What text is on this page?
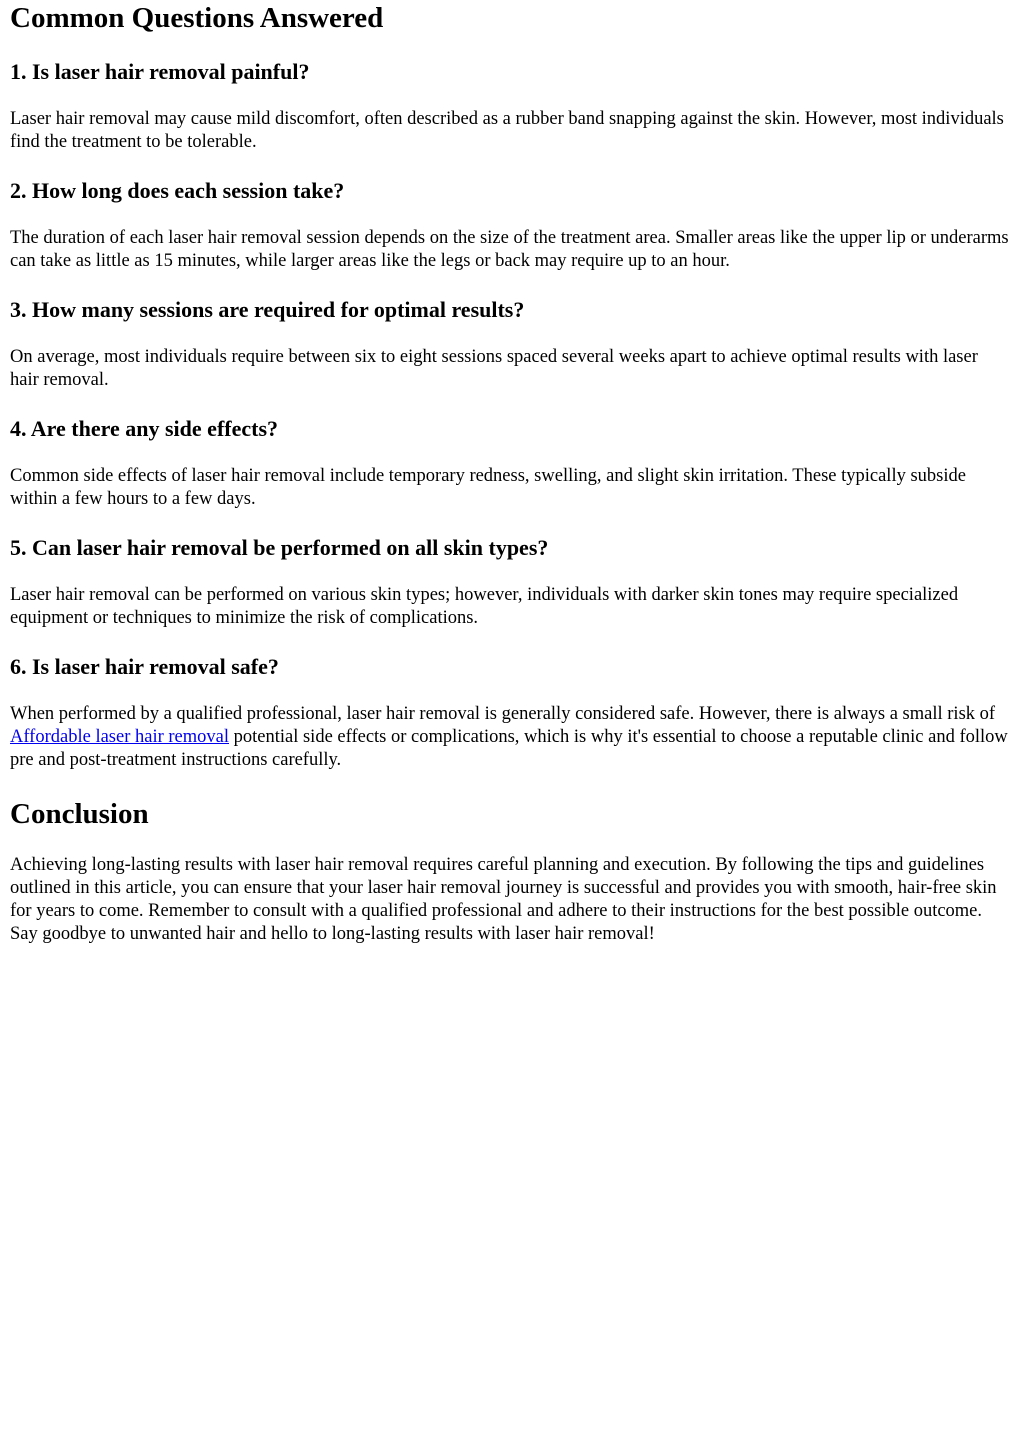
Common Questions Answered
1. Is laser hair removal painful?

Laser hair removal may cause mild discomfort, often described as a rubber band snapping against the skin. However, most individuals find the treatment to be tolerable.

2. How long does each session take?

The duration of each laser hair removal session depends on the size of the treatment area. Smaller areas like the upper lip or underarms can take as little as 15 minutes, while larger areas like the legs or back may require up to an hour.

3. How many sessions are required for optimal results?

On average, most individuals require between six to eight sessions spaced several weeks apart to achieve optimal results with laser hair removal.

4. Are there any side effects?

Common side effects of laser hair removal include temporary redness, swelling, and slight skin irritation. These typically subside within a few hours to a few days.

5. Can laser hair removal be performed on all skin types?

Laser hair removal can be performed on various skin types; however, individuals with darker skin tones may require specialized equipment or techniques to minimize the risk of complications.

6. Is laser hair removal safe?

When performed by a qualified professional, laser hair removal is generally considered safe. However, there is always a small risk of Affordable laser hair removal potential side effects or complications, which is why it's essential to choose a reputable clinic and follow pre and post-treatment instructions carefully.

Conclusion

Achieving long-lasting results with laser hair removal requires careful planning and execution. By following the tips and guidelines outlined in this article, you can ensure that your laser hair removal journey is successful and provides you with smooth, hair-free skin for years to come. Remember to consult with a qualified professional and adhere to their instructions for the best possible outcome. Say goodbye to unwanted hair and hello to long-lasting results with laser hair removal!
